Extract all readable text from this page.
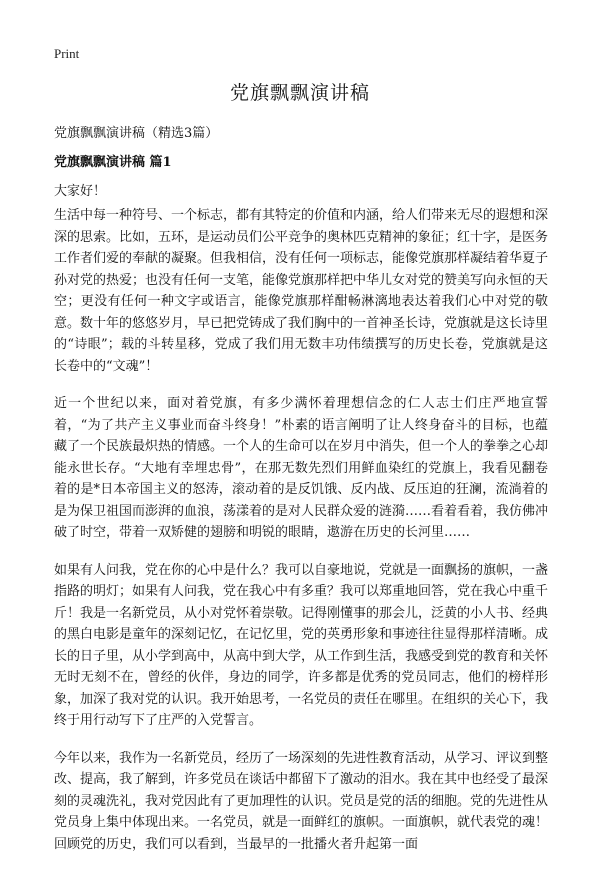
Print
党旗飘飘演讲稿

党旗飘飘演讲稿（精选3篇）

党旗飘飘演讲稿 篇1

大家好！

生活中每一种符号、一个标志，都有其特定的价值和内涵，给人们带来无尽的遐想和深深的思索。比如，五环，是运动员们公平竞争的奥林匹克精神的象征；红十字，是医务工作者们爱的奉献的凝聚。但我相信，没有任何一项标志，能像党旗那样凝结着华夏子孙对党的热爱；也没有任何一支笔，能像党旗那样把中华儿女对党的赞美写向永恒的天空；更没有任何一种文字或语言，能像党旗那样酣畅淋漓地表达着我们心中对党的敬意。数十年的悠悠岁月，早已把党铸成了我们胸中的一首神圣长诗，党旗就是这长诗里的“诗眼”；载的斗转星移，党成了我们用无数丰功伟绩撰写的历史长卷，党旗就是这长卷中的“文魂”！

近一个世纪以来，面对着党旗，有多少满怀着理想信念的仁人志士们庄严地宣誓着，“为了共产主义事业而奋斗终身！”朴素的语言阐明了让人终身奋斗的目标，也蕴藏了一个民族最炽热的情感。一个人的生命可以在岁月中消失，但一个人的拳拳之心却能永世长存。“大地有幸埋忠骨”，在那无数先烈们用鲜血染红的党旗上，我看见翻卷着的是*日本帝国主义的怒涛，滚动着的是反饥饿、反内战、反压迫的狂澜，流淌着的是为保卫祖国而澎湃的血浪，荡漾着的是对人民群众爱的涟漪……看着看着，我仿佛冲破了时空，带着一双矫健的翅膀和明锐的眼睛，遨游在历史的长河里……

如果有人问我，党在你的心中是什么？我可以自豪地说，党就是一面飘扬的旗帜，一盏指路的明灯；如果有人问我，党在我心中有多重？我可以郑重地回答，党在我心中重千斤！我是一名新党员，从小对党怀着崇敬。记得刚懂事的那会儿，泛黄的小人书、经典的黑白电影是童年的深刻记忆，在记忆里，党的英勇形象和事迹往往显得那样清晰。成长的日子里，从小学到高中，从高中到大学，从工作到生活，我感受到党的教育和关怀无时无刻不在，曾经的伙伴，身边的同学，许多都是优秀的党员同志，他们的榜样形象，加深了我对党的认识。我开始思考，一名党员的责任在哪里。在组织的关心下，我终于用行动写下了庄严的入党誓言。

今年以来，我作为一名新党员，经历了一场深刻的先进性教育活动，从学习、评议到整改、提高，我了解到，许多党员在谈话中都留下了激动的泪水。我在其中也经受了最深刻的灵魂洗礼，我对党因此有了更加理性的认识。党员是党的活的细胞。党的先进性从党员身上集中体现出来。一名党员，就是一面鲜红的旗帜。一面旗帜，就代表党的魂！回顾党的历史，我们可以看到，当最早的一批播火者升起第一面
